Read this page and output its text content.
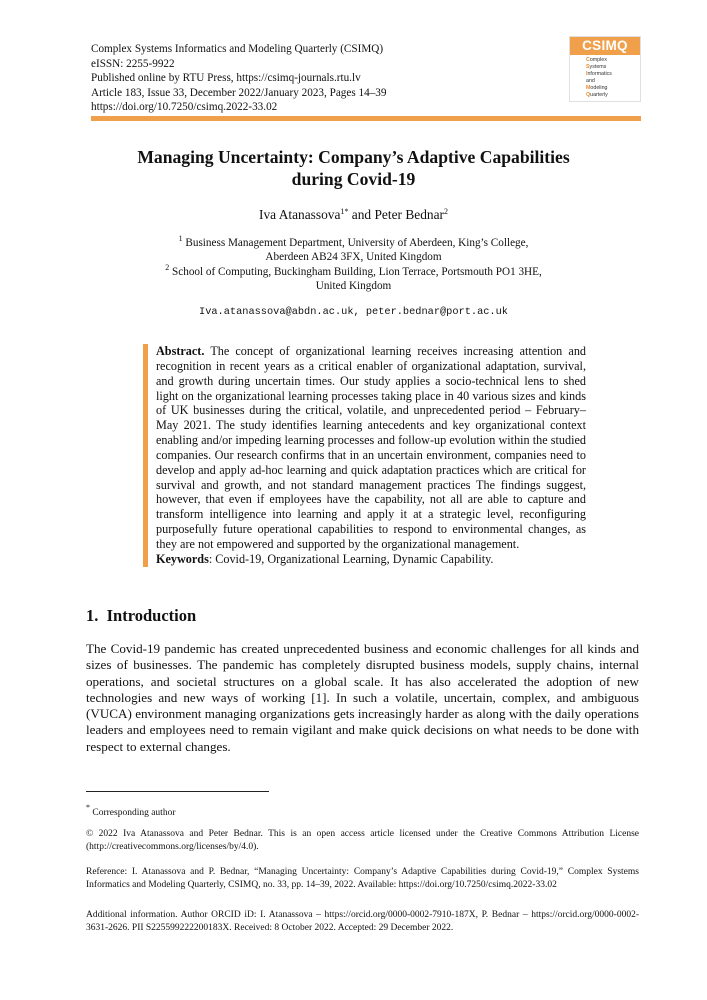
Complex Systems Informatics and Modeling Quarterly (CSIMQ)
eISSN: 2255-9922
Published online by RTU Press, https://csimq-journals.rtu.lv
Article 183, Issue 33, December 2022/January 2023, Pages 14–39
https://doi.org/10.7250/csimq.2022-33.02
CSIMQ
Complex
Systems
Informatics
and
Modeling
Quarterly
Managing Uncertainty: Company’s Adaptive Capabilities
during Covid-19
Iva Atanassova$^{1*}$ and Peter Bednar$^2$
$^1$ Business Management Department, University of Aberdeen, King’s College,
Aberdeen AB24 3FX, United Kingdom
$^2$ School of Computing, Buckingham Building, Lion Terrace, Portsmouth PO1 3HE,
United Kingdom
Iva.atanassova@abdn.ac.uk, peter.bednar@port.ac.uk
Abstract. The concept of organizational learning receives increasing attention and recognition in recent years as a critical enabler of organizational adaptation, survival, and growth during uncertain times. Our study applies a socio-technical lens to shed light on the organizational learning processes taking place in 40 various sizes and kinds of UK businesses during the critical, volatile, and unprecedented period – February–May 2021. The study identifies learning antecedents and key organizational context enabling and/or impeding learning processes and follow-up evolution within the studied companies. Our research confirms that in an uncertain environment, companies need to develop and apply ad-hoc learning and quick adaptation practices which are critical for survival and growth, and not standard management practices The findings suggest, however, that even if employees have the capability, not all are able to capture and transform intelligence into learning and apply it at a strategic level, reconfiguring purposefully future operational capabilities to respond to environmental changes, as they are not empowered and supported by the organizational management.
Keywords: Covid-19, Organizational Learning, Dynamic Capability.
1. Introduction
The Covid-19 pandemic has created unprecedented business and economic challenges for all kinds and sizes of businesses. The pandemic has completely disrupted business models, supply chains, internal operations, and societal structures on a global scale. It has also accelerated the adoption of new technologies and new ways of working [1]. In such a volatile, uncertain, complex, and ambiguous (VUCA) environment managing organizations gets increasingly harder as along with the daily operations leaders and employees need to remain vigilant and make quick decisions on what needs to be done with respect to external changes.
* Corresponding author
© 2022 Iva Atanassova and Peter Bednar. This is an open access article licensed under the Creative Commons Attribution License (http://creativecommons.org/licenses/by/4.0).
Reference: I. Atanassova and P. Bednar, “Managing Uncertainty: Company’s Adaptive Capabilities during Covid-19,” Complex Systems Informatics and Modeling Quarterly, CSIMQ, no. 33, pp. 14–39, 2022. Available: https://doi.org/10.7250/csimq.2022-33.02
Additional information. Author ORCID iD: I. Atanassova – https://orcid.org/0000-0002-7910-187X, P. Bednar – https://orcid.org/0000-0002-3631-2626. PII S225599222200183X. Received: 8 October 2022. Accepted: 29 December 2022.
